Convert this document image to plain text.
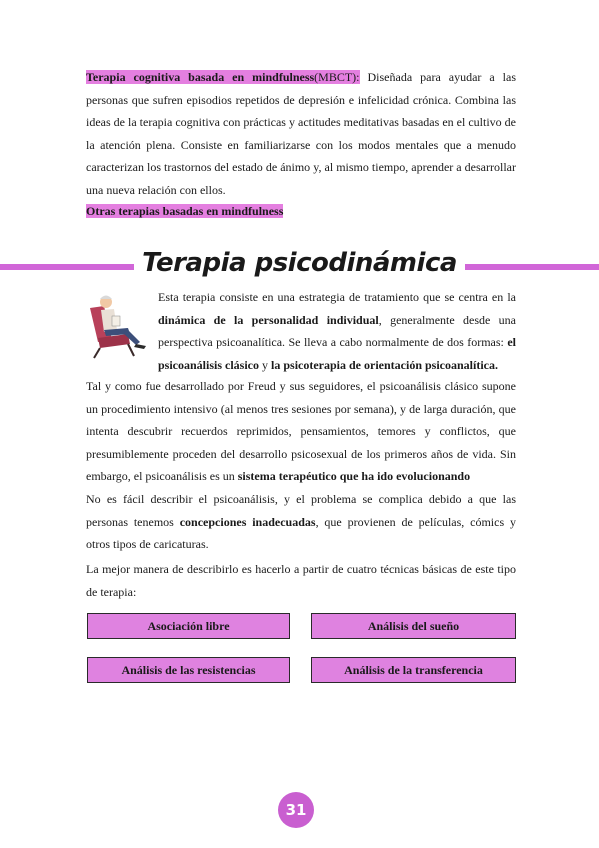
Terapia cognitiva basada en mindfulness(MBCT): Diseñada para ayudar a las personas que sufren episodios repetidos de depresión e infelicidad crónica. Combina las ideas de la terapia cognitiva con prácticas y actitudes meditativas basadas en el cultivo de la atención plena. Consiste en familiarizarse con los modos mentales que a menudo caracterizan los trastornos del estado de ánimo y, al mismo tiempo, aprender a desarrollar una nueva relación con ellos.

Otras terapias basadas en mindfulness

Terapia psicodinámica

Esta terapia consiste en una estrategia de tratamiento que se centra en la dinámica de la personalidad individual, generalmente desde una perspectiva psicoanalítica. Se lleva a cabo normalmente de dos formas: el psicoanálisis clásico y la psicoterapia de orientación psicoanalítica.

Tal y como fue desarrollado por Freud y sus seguidores, el psicoanálisis clásico supone un procedimiento intensivo (al menos tres sesiones por semana), y de larga duración, que intenta descubrir recuerdos reprimidos, pensamientos, temores y conflictos, que presumiblemente proceden del desarrollo psicosexual de los primeros años de vida. Sin embargo, el psicoanálisis es un sistema terapéutico que ha ido evolucionando

No es fácil describir el psicoanálisis, y el problema se complica debido a que las personas tenemos concepciones inadecuadas, que provienen de películas, cómics y otros tipos de caricaturas.

La mejor manera de describirlo es hacerlo a partir de cuatro técnicas básicas de este tipo de terapia:

Asociación libre	Análisis del sueño
Análisis de las resistencias	Análisis de la transferencia
31
